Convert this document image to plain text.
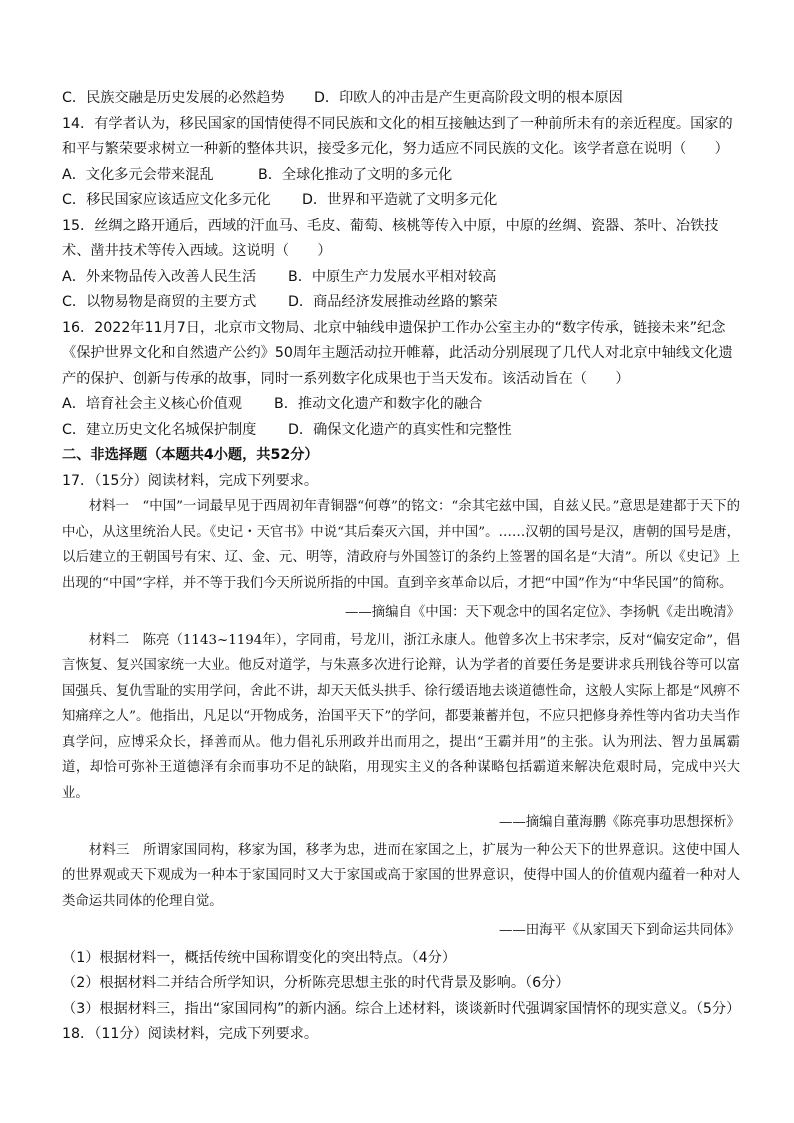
C．民族交融是历史发展的必然趋势 D．印欧人的冲击是产生更高阶段文明的根本原因
14．有学者认为，移民国家的国情使得不同民族和文化的相互接触达到了一种前所未有的亲近程度。国家的和平与繁荣要求树立一种新的整体共识，接受多元化，努力适应不同民族的文化。该学者意在说明（　　）
A．文化多元会带来混乱	B．全球化推动了文明的多元化
C．移民国家应该适应文化多元化 D．世界和平造就了文明多元化
15．丝绸之路开通后，西域的汗血马、毛皮、葡萄、核桃等传入中原，中原的丝绸、瓷器、茶叶、冶铁技术、凿井技术等传入西域。这说明（　　）
A．外来物品传入改善人民生活 B．中原生产力发展水平相对较高
C．以物易物是商贸的主要方式 D．商品经济发展推动丝路的繁荣
16．2022年11月7日，北京市文物局、北京中轴线申遗保护工作办公室主办的“数字传承，链接未来”纪念《保护世界文化和自然遗产公约》50周年主题活动拉开帷幕，此活动分别展现了几代人对北京中轴线文化遗产的保护、创新与传承的故事，同时一系列数字化成果也于当天发布。该活动旨在（　　）
A．培育社会主义核心价值观 B．推动文化遗产和数字化的融合
C．建立历史文化名城保护制度 D．确保文化遗产的真实性和完整性
二、非选择题（本题共4小题，共52分）
17．（15分）阅读材料，完成下列要求。

材料一　“中国”一词最早见于西周初年青铜器“何尊”的铭文：“余其宅兹中国，自兹乂民。”意思是建都于天下的中心，从这里统治人民。《史记・天官书》中说“其后秦灭六国，并中国”。……汉朝的国号是汉，唐朝的国号是唐，以后建立的王朝国号有宋、辽、金、元、明等，清政府与外国签订的条约上签署的国名是“大清”。所以《史记》上出现的“中国”字样，并不等于我们今天所说所指的中国。直到辛亥革命以后，才把“中国”作为“中华民国”的简称。

——摘编自《中国：天下观念中的国名定位》、李扬帆《走出晚清》

材料二　陈亮（1143~1194年），字同甫，号龙川，浙江永康人。他曾多次上书宋孝宗，反对“偏安定命”，倡言恢复、复兴国家统一大业。他反对道学，与朱熹多次进行论辩，认为学者的首要任务是要讲求兵刑钱谷等可以富国强兵、复仇雪耻的实用学问，舍此不讲，却天天低头拱手、徐行缓语地去谈道德性命，这般人实际上都是“风痹不知痛痒之人”。他指出，凡足以“开物成务，治国平天下”的学问，都要兼蓄并包，不应只把修身养性等内省功夫当作真学问，应博采众长，择善而从。他力倡礼乐刑政并出而用之，提出“王霸并用”的主张。认为刑法、智力虽属霸道，却恰可弥补王道德泽有余而事功不足的缺陷，用现实主义的各种谋略包括霸道来解决危艰时局，完成中兴大业。

——摘编自董海鹏《陈亮事功思想探析》

材料三　所谓家国同构，移家为国，移孝为忠，进而在家国之上，扩展为一种公天下的世界意识。这使中国人的世界观或天下观成为一种本于家国同时又大于家国或高于家国的世界意识，使得中国人的价值观内蕴着一种对人类命运共同体的伦理自觉。

——田海平《从家国天下到命运共同体》
（1）根据材料一，概括传统中国称谓变化的突出特点。（4分）
（2）根据材料二并结合所学知识，分析陈亮思想主张的时代背景及影响。（6分）
（3）根据材料三，指出“家国同构”的新内涵。综合上述材料，谈谈新时代强调家国情怀的现实意义。（5分）
18．（11分）阅读材料，完成下列要求。
